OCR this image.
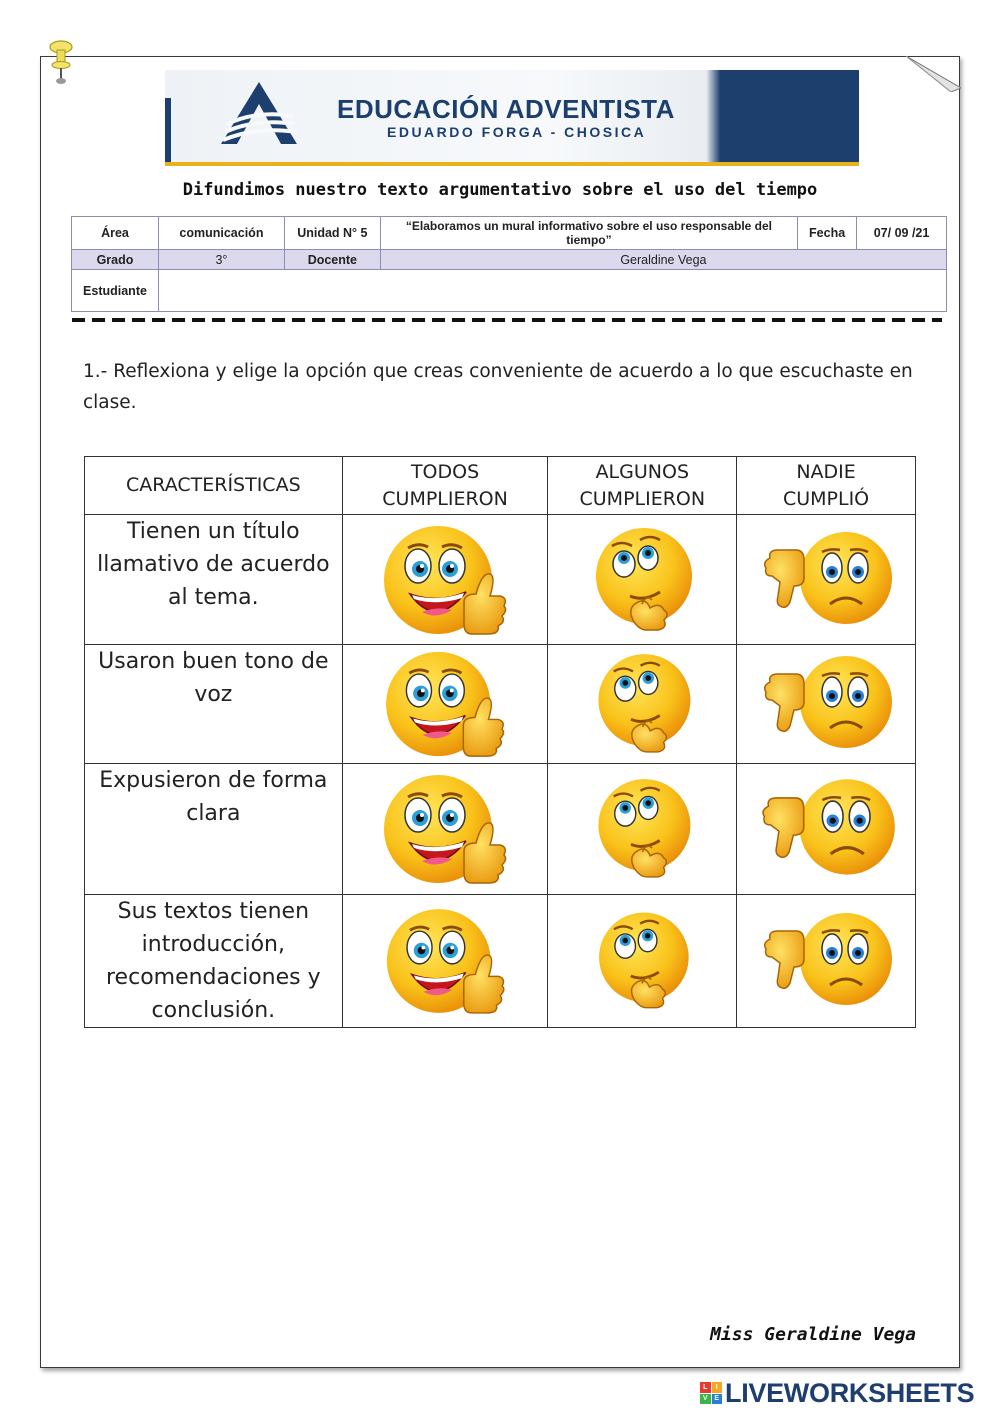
EDUCACIÓN ADVENTISTA
EDUARDO FORGA - CHOSICA
Difundimos nuestro texto argumentativo sobre el uso del tiempo
Área	comunicación	Unidad N° 5	“Elaboramos un mural informativo sobre el uso responsable del tiempo”	Fecha	07/ 09 /21
Grado	3°	Docente	Geraldine Vega		
Estudiante					
1.- Reflexiona y elige la opción que creas conveniente de acuerdo a lo que escuchaste en clase.
CARACTERÍSTICAS	TODOS CUMPLIERON	ALGUNOS CUMPLIERON	NADIE CUMPLIÓ
Tienen un título llamativo de acuerdo al tema.			
Usaron buen tono de voz			
Expusieron de forma clara			
Sus textos tienen introducción, recomendaciones y conclusión.			
Miss Geraldine Vega
L	I
V E LIVEWORKSHEETS
